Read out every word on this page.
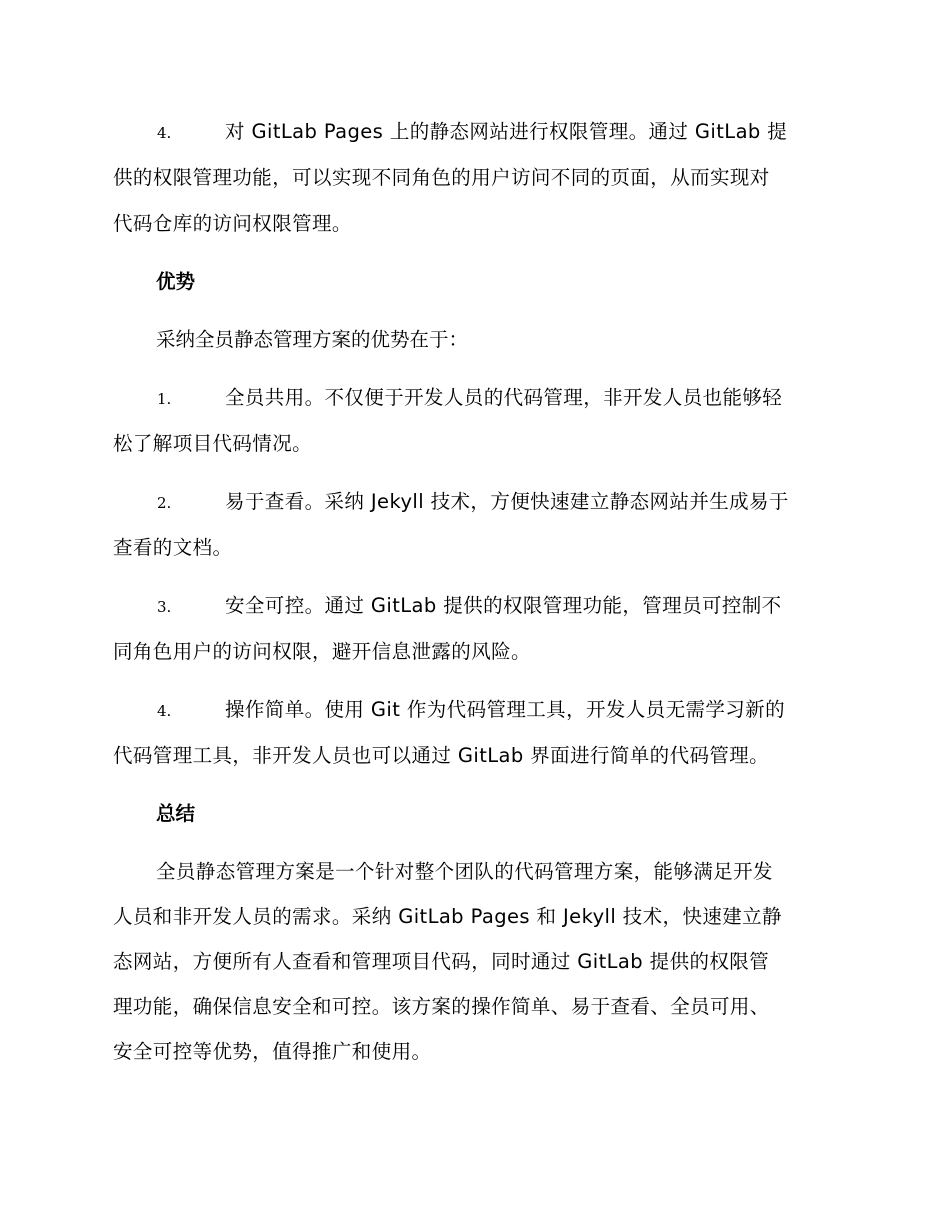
4.	对 GitLab Pages 上的静态网站进行权限管理。通过 GitLab 提
供的权限管理功能，可以实现不同角色的用户访问不同的页面，从而实现对
代码仓库的访问权限管理。
优势
采纳全员静态管理方案的优势在于：
1.	全员共用。不仅便于开发人员的代码管理，非开发人员也能够轻
松了解项目代码情况。
2.	易于查看。采纳 Jekyll 技术，方便快速建立静态网站并生成易于
查看的文档。
3.	安全可控。通过 GitLab 提供的权限管理功能，管理员可控制不
同角色用户的访问权限，避开信息泄露的风险。
4.	操作简单。使用 Git 作为代码管理工具，开发人员无需学习新的
代码管理工具，非开发人员也可以通过 GitLab 界面进行简单的代码管理。
总结
全员静态管理方案是一个针对整个团队的代码管理方案，能够满足开发
人员和非开发人员的需求。采纳 GitLab Pages 和 Jekyll 技术，快速建立静
态网站，方便所有人查看和管理项目代码，同时通过 GitLab 提供的权限管
理功能，确保信息安全和可控。该方案的操作简单、易于查看、全员可用、
安全可控等优势，值得推广和使用。
